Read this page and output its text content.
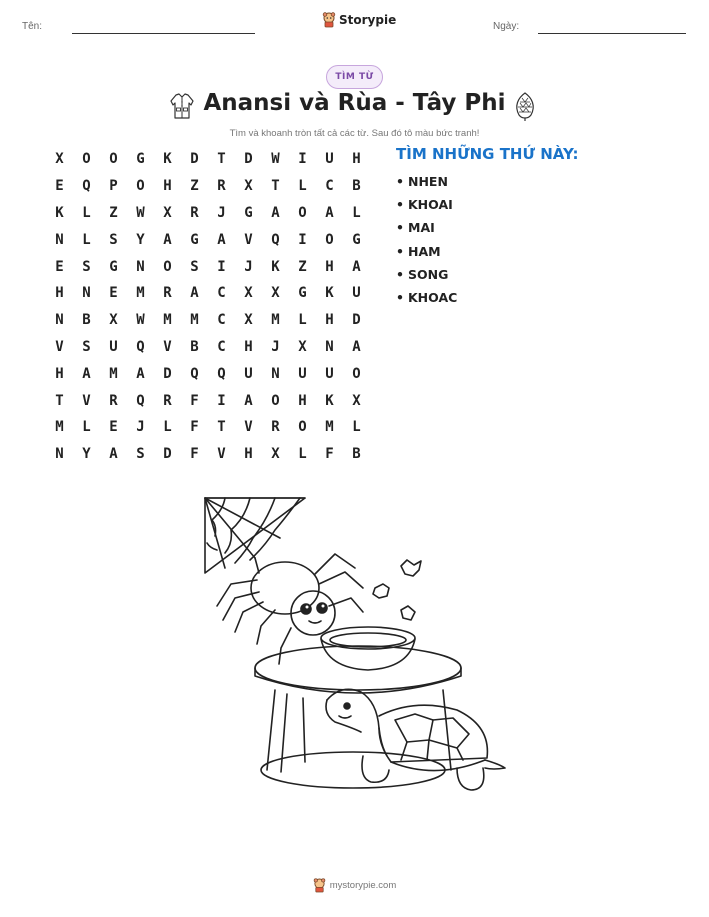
Tên:	Storypie	Ngày:
TÌM TỪ
Anansi và Rùa - Tây Phi
Tìm và khoanh tròn tất cả các từ. Sau đó tô màu bức tranh!
X	O	O	G	K	D	T	D	W	I	U	H
E	Q	P	O	H	Z	R	X	T	L	C	B
K	L	Z	W	X	R	J	G	A	O	A	L
N	L	S	Y	A	G	A	V	Q	I	O	G
E	S	G	N	O	S	I	J	K	Z	H	A
H	N	E	M	R	A	C	X	X	G	K	U
N	B	X	W	M	M	C	X	M	L	H	D
V	S	U	Q	V	B	C	H	J	X	N	A
H	A	M	A	D	Q	Q	U	N	U	U	O
T	V	R	Q	R	F	I	A	O	H	K	X
M	L	E	J	L	F	T	V	R	O	M	L
N	Y	A	S	D	F	V	H	X	L	F	B
TÌM NHỮNG THỨ NÀY:
• NHEN
• KHOAI
• MAI
• HAM
• SONG
• KHOAC
mystorypie.com
